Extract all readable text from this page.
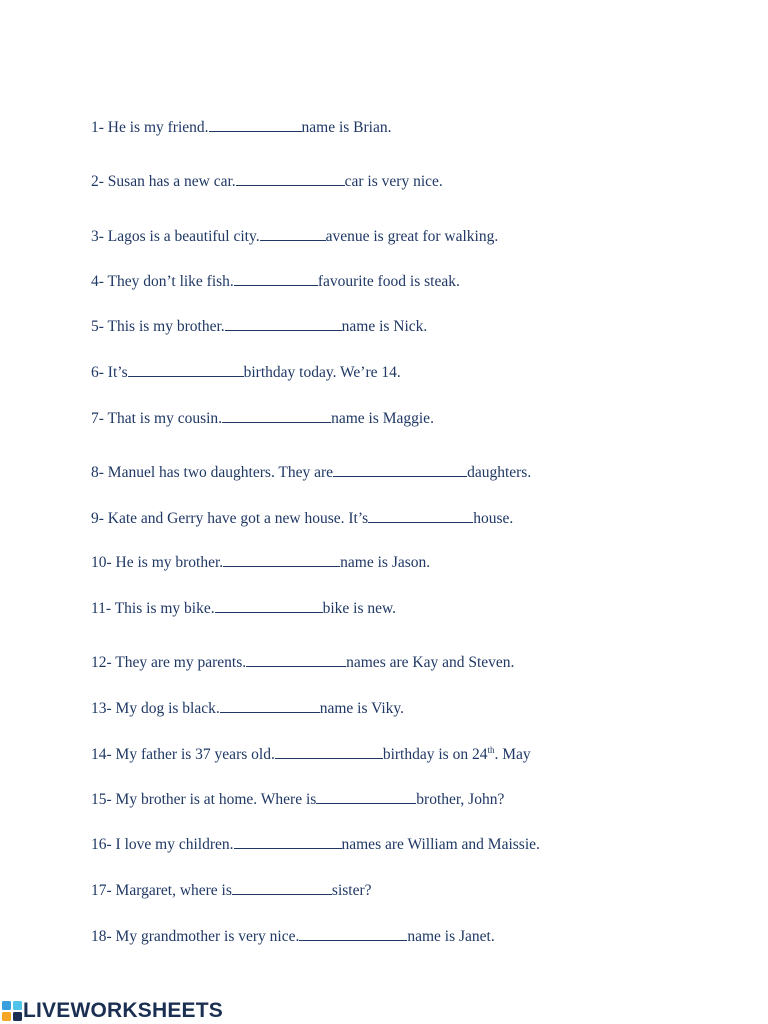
1- He is my friend.	name is Brian.
2- Susan has a new car.	car is very nice.
3- Lagos is a beautiful city.	avenue is great for walking.
4- They don’t like fish.	favourite food is steak.
5- This is my brother.	name is Nick.
6- It’s	birthday today. We’re 14.
7- That is my cousin.	name is Maggie.
8- Manuel has two daughters. They are	daughters.
9- Kate and Gerry have got a new house. It’s	house.
10- He is my brother.	name is Jason.
11- This is my bike.	bike is new.
12- They are my parents.	names are Kay and Steven.
13- My dog is black.	name is Viky.
14- My father is 37 years old.	birthday is on 24th. May
15- My brother is at home. Where is	brother, John?
16- I love my children.	names are William and Maissie.
17- Margaret, where is	sister?
18- My grandmother is very nice.	name is Janet.
LIVEWORKSHEETS
